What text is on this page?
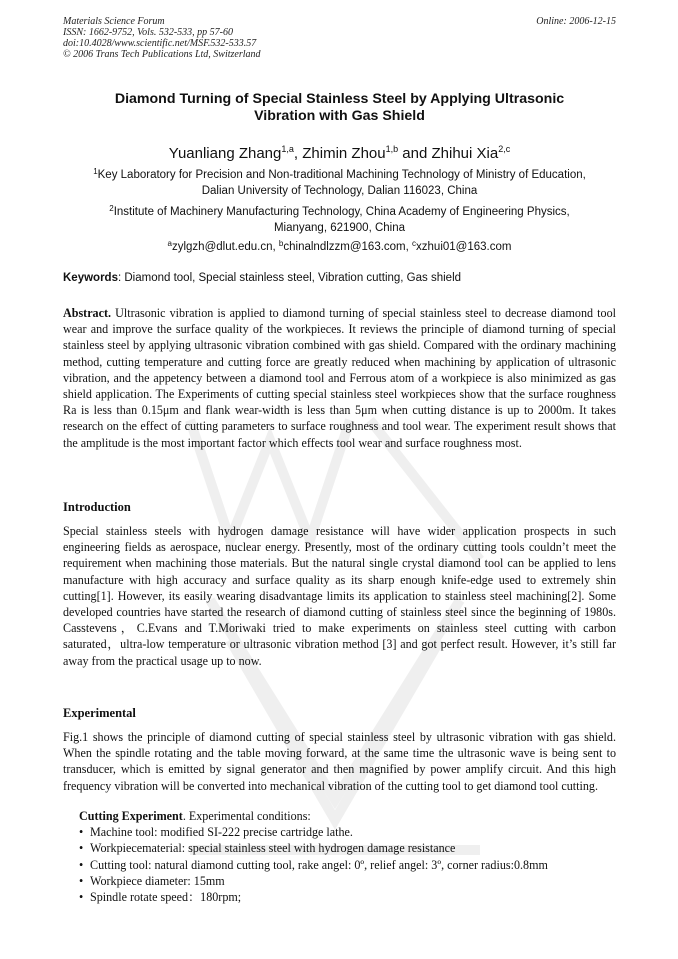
Materials Science Forum
ISSN: 1662-9752, Vols. 532-533, pp 57-60
doi:10.4028/www.scientific.net/MSF.532-533.57
© 2006 Trans Tech Publications Ltd, Switzerland
Online: 2006-12-15
Diamond Turning of Special Stainless Steel by Applying Ultrasonic
Vibration with Gas Shield
Yuanliang Zhang$^{1,a}$, Zhimin Zhou$^{1,b}$ and Zhihui Xia$^{2,c}$
$^1$Key Laboratory for Precision and Non-traditional Machining Technology of Ministry of Education,
Dalian University of Technology, Dalian 116023, China
$^2$Institute of Machinery Manufacturing Technology, China Academy of Engineering Physics,
Mianyang, 621900, China
$^a$zylgzh@dlut.edu.cn, $^b$chinalndlzzm@163.com, $^c$xzhui01@163.com
Keywords: Diamond tool, Special stainless steel, Vibration cutting, Gas shield
Abstract. Ultrasonic vibration is applied to diamond turning of special stainless steel to decrease diamond tool wear and improve the surface quality of the workpieces. It reviews the principle of diamond turning of special stainless steel by applying ultrasonic vibration combined with gas shield. Compared with the ordinary machining method, cutting temperature and cutting force are greatly reduced when machining by application of ultrasonic vibration, and the appetency between a diamond tool and Ferrous atom of a workpiece is also minimized as gas shield application. The Experiments of cutting special stainless steel workpieces show that the surface roughness Ra is less than 0.15μm and flank wear-width is less than 5μm when cutting distance is up to 2000m. It takes research on the effect of cutting parameters to surface roughness and tool wear. The experiment result shows that the amplitude is the most important factor which effects tool wear and surface roughness most.
Introduction
Special stainless steels with hydrogen damage resistance will have wider application prospects in such engineering fields as aerospace, nuclear energy. Presently, most of the ordinary cutting tools couldn’t meet the requirement when machining those materials. But the natural single crystal diamond tool can be applied to lens manufacture with high accuracy and surface quality as its sharp enough knife-edge used to extremely shin cutting[1]. However, its easily wearing disadvantage limits its application to stainless steel machining[2]. Some developed countries have started the research of diamond cutting of stainless steel since the beginning of 1980s. Casstevens，C.Evans and T.Moriwaki tried to make experiments on stainless steel cutting with carbon saturated，ultra-low temperature or ultrasonic vibration method [3] and got perfect result. However, it’s still far away from the practical usage up to now.
Experimental
Fig.1 shows the principle of diamond cutting of special stainless steel by ultrasonic vibration with gas shield. When the spindle rotating and the table moving forward, at the same time the ultrasonic wave is being sent to transducer, which is emitted by signal generator and then magnified by power amplify circuit. And this high frequency vibration will be converted into mechanical vibration of the cutting tool to get diamond tool cutting.
Cutting Experiment. Experimental conditions:
• Machine tool: modified SI-222 precise cartridge lathe.
• Workpiecematerial: special stainless steel with hydrogen damage resistance
• Cutting tool: natural diamond cutting tool, rake angel: 0º, relief angel: 3º, corner radius:0.8mm
• Workpiece diameter: 15mm
• Spindle rotate speed：180rpm;
